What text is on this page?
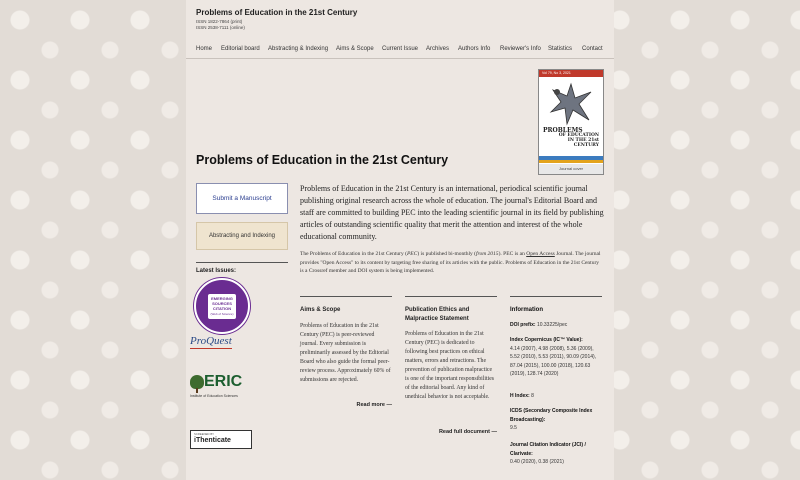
Problems of Education in the 21st Century
ISSN 1822-7864 (print)
ISSN 2538-7111 (online)
Home Editorial board Abstracting & Indexing Aims & Scope Current Issue Archives Authors Info Reviewer's Info Statistics Contact
Vol 79, No 3, 2021
PROBLEMS
OF EDUCATION
IN THE 21st
CENTURY
Journal cover
Problems of Education in the 21st Century
Submit a Manuscript
Abstracting and Indexing
Latest Issues:
EMERGING
SOURCES
CITATION
(Web of Science)
ProQuest
ERIC
Institute of Education Sciences
SCREENED BY
iThenticate
Problems of Education in the 21st Century is an international, periodical scientific journal publishing original research across the whole of education. The journal's Editorial Board and staff are committed to building PEC into the leading scientific journal in its field by publishing articles of outstanding scientific quality that merit the attention and interest of the whole educational community.
The Problems of Education in the 21st Century (PEC) is published bi-monthly (from 2015). PEC is an Open Access Journal. The journal provides "Open Access" to its content by targeting free sharing of its articles with the public. Problems of Education in the 21st Century is a Crossref member and DOI system is being implemented.
Aims & Scope
Problems of Education in the 21st Century (PEC) is peer-reviewed journal. Every submission is preliminarily assessed by the Editorial Board who also guide the formal peer-review process. Approximately 60% of submissions are rejected.
Read more —
Publication Ethics and Malpractice Statement
Problems of Education in the 21st Century (PEC) is dedicated to following best practices on ethical matters, errors and retractions. The prevention of publication malpractice is one of the important responsibilities of the editorial board. Any kind of unethical behavior is not acceptable.
Read full document —
Information
DOI prefix: 10.33225/pec
Index Copernicus (IC™ Value):
4.14 (2007), 4.98 (2008), 5.36 (2009), 5.52 (2010), 5.53 (2011), 90.09 (2014), 87.04 (2015), 100.00 (2018), 120.63 (2019), 128.74 (2020)
H Index: 8
ICDS (Secondary Composite Index Broadcasting):
9.5
Journal Citation Indicator (JCI) / Clarivate:
0.40 (2020), 0.38 (2021)
